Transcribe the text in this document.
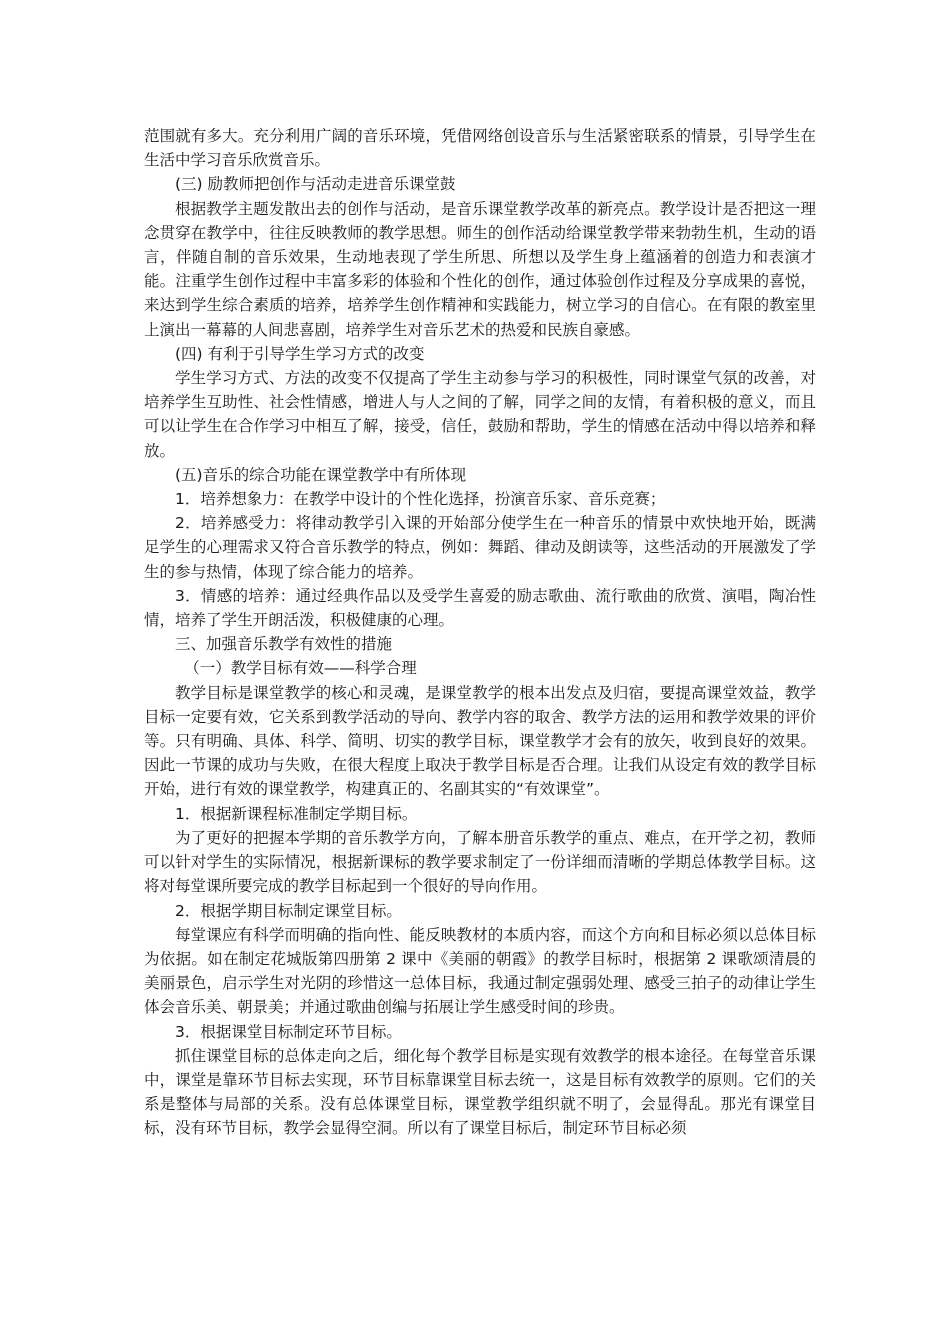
范围就有多大。充分利用广阔的音乐环境，凭借网络创设音乐与生活紧密联系的情景，引导学生在生活中学习音乐欣赏音乐。

(三) 励教师把创作与活动走进音乐课堂鼓

根据教学主题发散出去的创作与活动，是音乐课堂教学改革的新亮点。教学设计是否把这一理念贯穿在教学中，往往反映教师的教学思想。师生的创作活动给课堂教学带来勃勃生机，生动的语言，伴随自制的音乐效果，生动地表现了学生所思、所想以及学生身上蕴涵着的创造力和表演才能。注重学生创作过程中丰富多彩的体验和个性化的创作，通过体验创作过程及分享成果的喜悦，来达到学生综合素质的培养，培养学生创作精神和实践能力，树立学习的自信心。在有限的教室里上演出一幕幕的人间悲喜剧，培养学生对音乐艺术的热爱和民族自豪感。

(四) 有利于引导学生学习方式的改变

学生学习方式、方法的改变不仅提高了学生主动参与学习的积极性，同时课堂气氛的改善，对培养学生互助性、社会性情感，增进人与人之间的了解，同学之间的友情，有着积极的意义，而且可以让学生在合作学习中相互了解，接受，信任，鼓励和帮助，学生的情感在活动中得以培养和释放。

(五)音乐的综合功能在课堂教学中有所体现

1．培养想象力：在教学中设计的个性化选择，扮演音乐家、音乐竞赛；

2．培养感受力：将律动教学引入课的开始部分使学生在一种音乐的情景中欢快地开始，既满足学生的心理需求又符合音乐教学的特点，例如：舞蹈、律动及朗读等，这些活动的开展激发了学生的参与热情，体现了综合能力的培养。

3．情感的培养：通过经典作品以及受学生喜爱的励志歌曲、流行歌曲的欣赏、演唱，陶冶性情，培养了学生开朗活泼，积极健康的心理。

三、加强音乐教学有效性的措施

（一）教学目标有效——科学合理

教学目标是课堂教学的核心和灵魂，是课堂教学的根本出发点及归宿，要提高课堂效益，教学目标一定要有效，它关系到教学活动的导向、教学内容的取舍、教学方法的运用和教学效果的评价等。只有明确、具体、科学、简明、切实的教学目标，课堂教学才会有的放矢，收到良好的效果。因此一节课的成功与失败，在很大程度上取决于教学目标是否合理。让我们从设定有效的教学目标开始，进行有效的课堂教学，构建真正的、名副其实的“有效课堂”。

1．根据新课程标准制定学期目标。

为了更好的把握本学期的音乐教学方向，了解本册音乐教学的重点、难点，在开学之初，教师可以针对学生的实际情况，根据新课标的教学要求制定了一份详细而清晰的学期总体教学目标。这将对每堂课所要完成的教学目标起到一个很好的导向作用。

2．根据学期目标制定课堂目标。

每堂课应有科学而明确的指向性、能反映教材的本质内容，而这个方向和目标必须以总体目标为依据。如在制定花城版第四册第 2 课中《美丽的朝霞》的教学目标时，根据第 2 课歌颂清晨的美丽景色，启示学生对光阴的珍惜这一总体目标，我通过制定强弱处理、感受三拍子的动律让学生体会音乐美、朝景美；并通过歌曲创编与拓展让学生感受时间的珍贵。

3．根据课堂目标制定环节目标。

抓住课堂目标的总体走向之后，细化每个教学目标是实现有效教学的根本途径。在每堂音乐课中，课堂是靠环节目标去实现，环节目标靠课堂目标去统一，这是目标有效教学的原则。它们的关系是整体与局部的关系。没有总体课堂目标，课堂教学组织就不明了，会显得乱。那光有课堂目标，没有环节目标，教学会显得空洞。所以有了课堂目标后，制定环节目标必须
